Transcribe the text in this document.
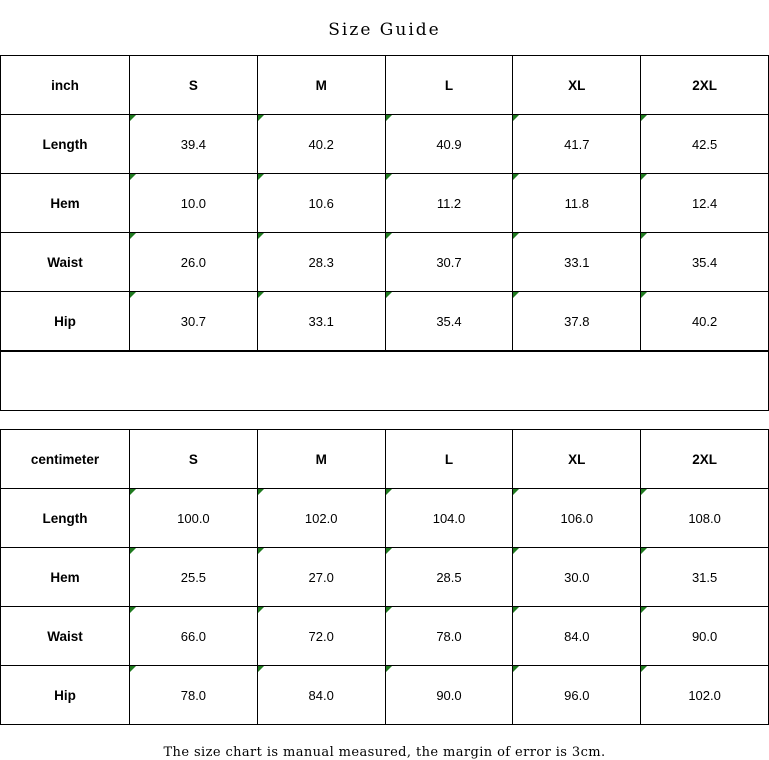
Size Guide
inch	S	M	L	XL	2XL
Length	39.4	40.2	40.9	41.7	42.5
Hem	10.0	10.6	11.2	11.8	12.4
Waist	26.0	28.3	30.7	33.1	35.4
Hip	30.7	33.1	35.4	37.8	40.2

centimeter	S	M	L	XL	2XL
Length	100.0	102.0	104.0	106.0	108.0
Hem	25.5	27.0	28.5	30.0	31.5
Waist	66.0	72.0	78.0	84.0	90.0
Hip	78.0	84.0	90.0	96.0	102.0
The size chart is manual measured, the margin of error is 3cm.
